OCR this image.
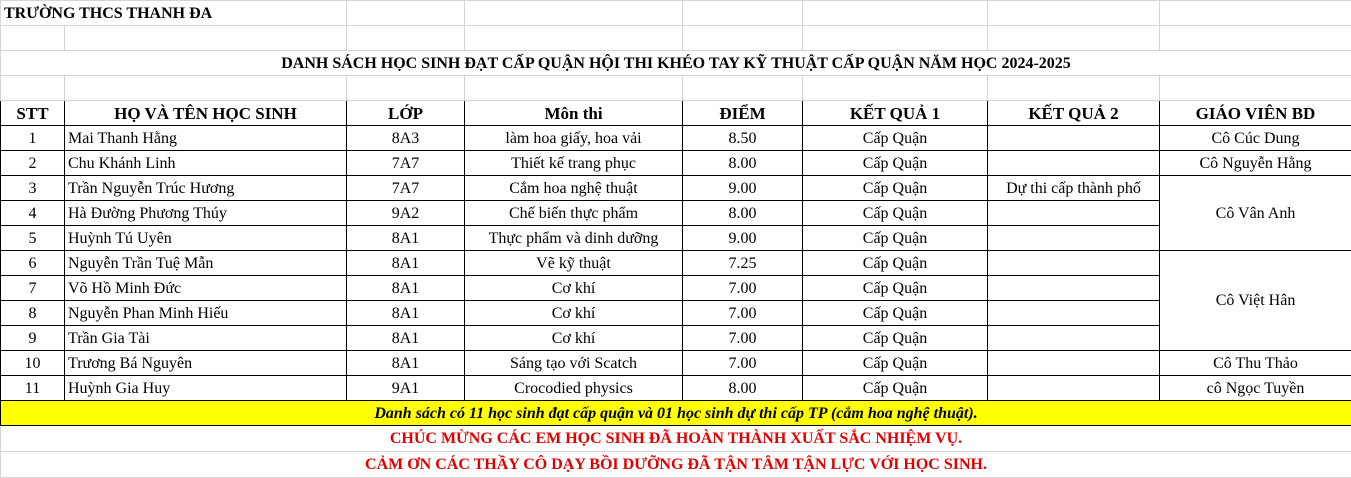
TRƯỜNG THCS THANH ĐA							

DANH SÁCH HỌC SINH ĐẠT CẤP QUẬN HỘI THI KHÉO TAY KỸ THUẬT CẤP QUẬN NĂM HỌC 2024-2025							

STT	HỌ VÀ TÊN HỌC SINH	LỚP	Môn thi	ĐIỂM	KẾT QUẢ 1	KẾT QUẢ 2	GIÁO VIÊN BD
1	Mai Thanh Hằng	8A3	làm hoa giấy, hoa vải	8.50	Cấp Quận		Cô Cúc Dung
2	Chu Khánh Linh	7A7	Thiết kế trang phục	8.00	Cấp Quận		Cô Nguyễn Hằng
3	Trần Nguyễn Trúc Hương	7A7	Cắm hoa nghệ thuật	9.00	Cấp Quận	Dự thi cấp thành phố	Cô Vân Anh
4	Hà Đường Phương Thúy	9A2	Chế biến thực phẩm	8.00	Cấp Quận		
5	Huỳnh Tú Uyên	8A1	Thực phẩm và dinh dưỡng	9.00	Cấp Quận		
6	Nguyễn Trần Tuệ Mẫn	8A1	Vẽ kỹ thuật	7.25	Cấp Quận		Cô Việt Hân
7	Võ Hồ Minh Đức	8A1	Cơ khí	7.00	Cấp Quận		
8	Nguyễn Phan Minh Hiếu	8A1	Cơ khí	7.00	Cấp Quận		
9	Trần Gia Tài	8A1	Cơ khí	7.00	Cấp Quận		
10	Trương Bá Nguyên	8A1	Sáng tạo với Scatch	7.00	Cấp Quận		Cô Thu Thảo
11	Huỳnh Gia Huy	9A1	Crocodied physics	8.00	Cấp Quận		cô Ngọc Tuyền
Danh sách có 11 học sinh đạt cấp quận và 01 học sinh dự thi cấp TP (cắm hoa nghệ thuật).							
CHÚC MỪNG CÁC EM HỌC SINH ĐÃ HOÀN THÀNH XUẤT SẮC NHIỆM VỤ.							
CẢM ƠN CÁC THẦY CÔ DẠY BỒI DƯỠNG ĐÃ TẬN TÂM TẬN LỰC VỚI HỌC SINH.							
